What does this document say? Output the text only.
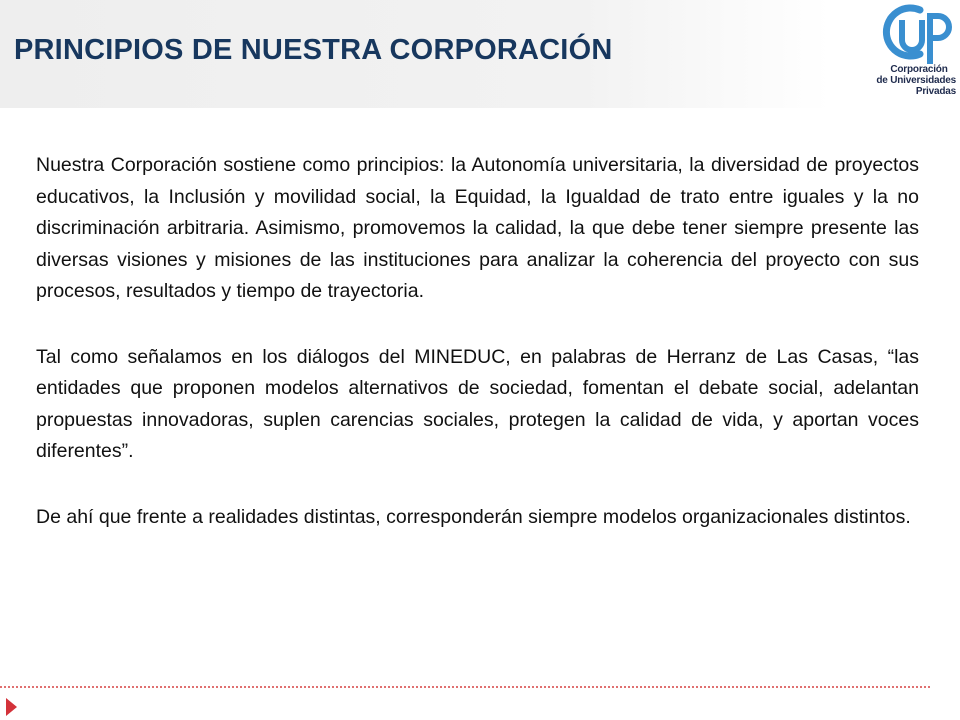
PRINCIPIOS DE NUESTRA CORPORACIÓN
Corporación
de Universidades
Privadas

Nuestra Corporación sostiene como principios: la Autonomía universitaria, la diversidad de proyectos educativos, la Inclusión y movilidad social, la Equidad, la Igualdad de trato entre iguales y la no discriminación arbitraria. Asimismo, promovemos la calidad, la que debe tener siempre presente las diversas visiones y misiones de las instituciones para analizar la coherencia del proyecto con sus procesos, resultados y tiempo de trayectoria.

Tal como señalamos en los diálogos del MINEDUC, en palabras de Herranz de Las Casas, “las entidades que proponen modelos alternativos de sociedad, fomentan el debate social, adelantan propuestas innovadoras, suplen carencias sociales, protegen la calidad de vida, y aportan voces diferentes”.

De ahí que frente a realidades distintas, corresponderán siempre modelos organizacionales distintos.
